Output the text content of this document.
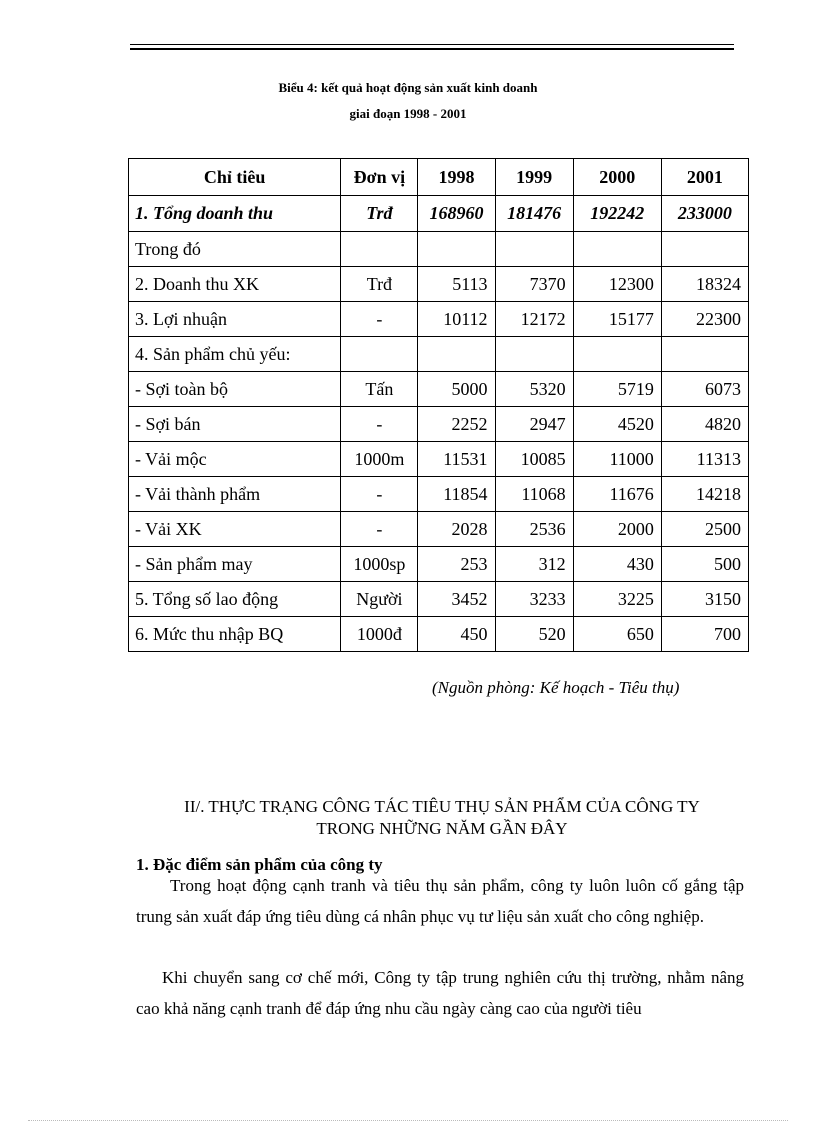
Biểu 4: kết quả hoạt động sản xuất kinh doanh
giai đoạn 1998 - 2001
Chỉ tiêu	Đơn vị	1998	1999	2000	2001
1. Tổng doanh thu	Trđ	168960	181476	192242	233000
Trong đó					
2. Doanh thu XK	Trđ	5113	7370	12300	18324
3. Lợi nhuận	-	10112	12172	15177	22300
4. Sản phẩm chủ yếu:					
- Sợi toàn bộ	Tấn	5000	5320	5719	6073
- Sợi bán	-	2252	2947	4520	4820
- Vải mộc	1000m	11531	10085	11000	11313
- Vải thành phẩm	-	11854	11068	11676	14218
- Vải XK	-	2028	2536	2000	2500
- Sản phẩm may	1000sp	253	312	430	500
5. Tổng số lao động	Người	3452	3233	3225	3150
6. Mức thu nhập BQ	1000đ	450	520	650	700
(Nguồn phòng: Kế hoạch - Tiêu thụ)
II/. THỰC TRẠNG CÔNG TÁC TIÊU THỤ SẢN PHẨM CỦA CÔNG TY
TRONG NHỮNG NĂM GẦN ĐÂY
1. Đặc điểm sản phẩm của công ty
Trong hoạt động cạnh tranh và tiêu thụ sản phẩm, công ty luôn luôn cố gắng tập trung sản xuất đáp ứng tiêu dùng cá nhân phục vụ tư liệu sản xuất cho công nghiệp.
Khi chuyển sang cơ chế mới, Công ty tập trung nghiên cứu thị trường, nhằm nâng cao khả năng cạnh tranh để đáp ứng nhu cầu ngày càng cao của người tiêu
